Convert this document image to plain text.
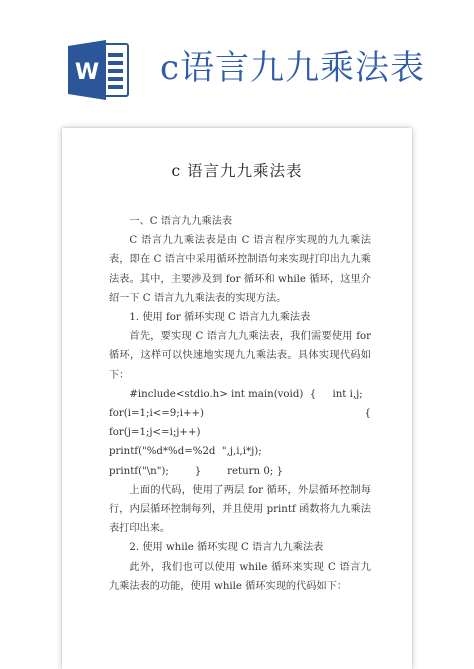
W c语言九九乘法表
c 语言九九乘法表

一、C 语言九九乘法表

C 语言九九乘法表是由 C 语言程序实现的九九乘法表，即在 C 语言中采用循环控制语句来实现打印出九九乘法表。其中，主要涉及到 for 循环和 while 循环，这里介绍一下 C 语言九九乘法表的实现方法。

1. 使用 for 循环实现 C 语言九九乘法表

首先，要实现 C 语言九九乘法表，我们需要使用 for 循环，这样可以快速地实现九九乘法表。具体实现代码如下：

#include<stdio.h> int main(void)  {     int i,j;

for(i=1;i<=9;i++)        {              for(j=1;j<=i;j++)

printf("%d*%d=%2d  ",j,i,i*j);

printf("\n");        }        return 0; }

上面的代码，使用了两层 for 循环，外层循环控制每行，内层循环控制每列，并且使用 printf 函数将九九乘法表打印出来。

2. 使用 while 循环实现 C 语言九九乘法表

此外，我们也可以使用 while 循环来实现 C 语言九九乘法表的功能，使用 while 循环实现的代码如下：
